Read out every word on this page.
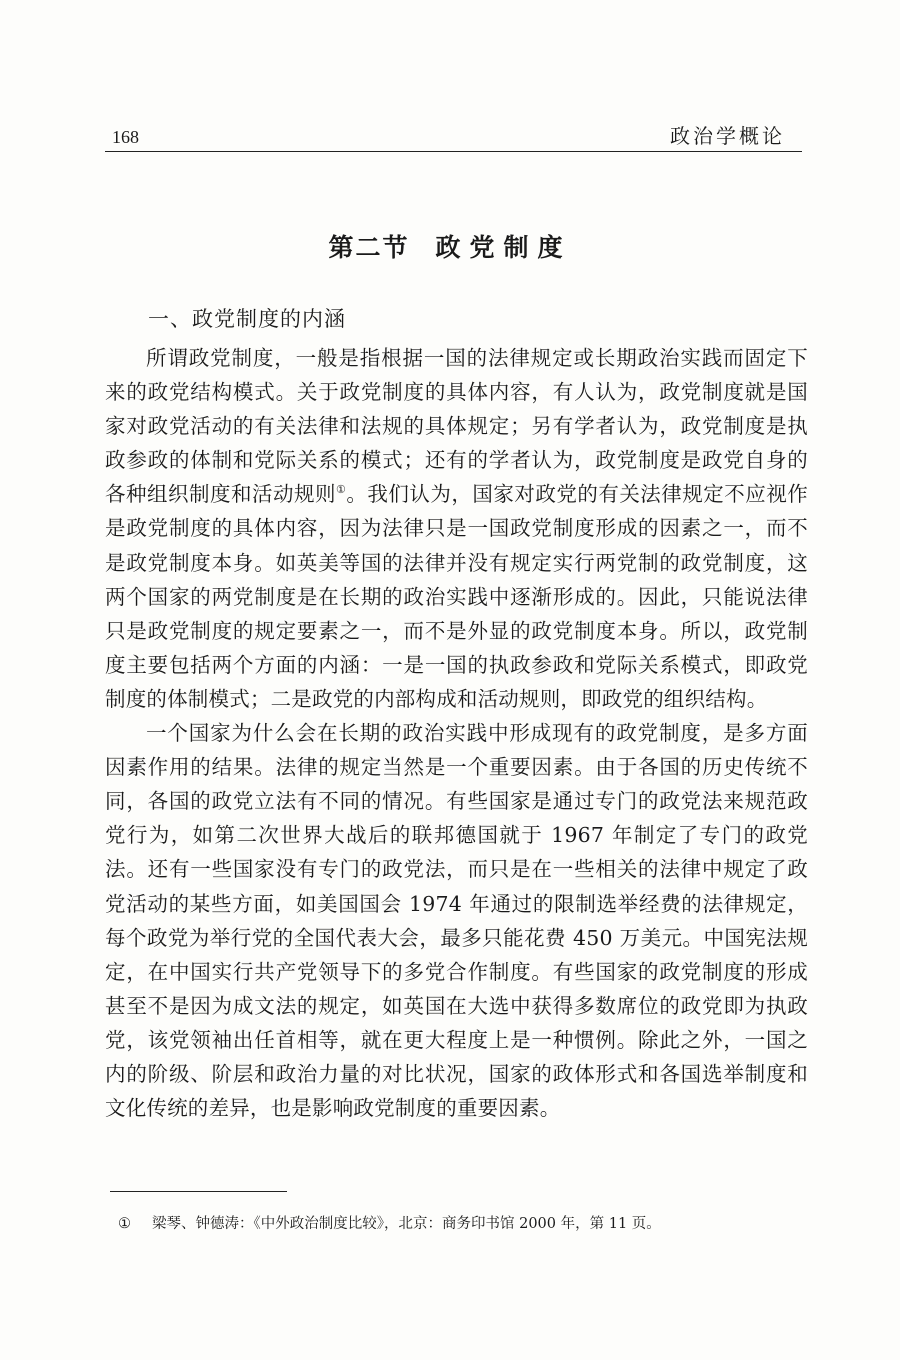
168	政治学概论
第二节 政党制度
一、政党制度的内涵

所谓政党制度，一般是指根据一国的法律规定或长期政治实践而固定下来的政党结构模式。关于政党制度的具体内容，有人认为，政党制度就是国家对政党活动的有关法律和法规的具体规定；另有学者认为，政党制度是执政参政的体制和党际关系的模式；还有的学者认为，政党制度是政党自身的各种组织制度和活动规则①。我们认为，国家对政党的有关法律规定不应视作是政党制度的具体内容，因为法律只是一国政党制度形成的因素之一，而不是政党制度本身。如英美等国的法律并没有规定实行两党制的政党制度，这两个国家的两党制度是在长期的政治实践中逐渐形成的。因此，只能说法律只是政党制度的规定要素之一，而不是外显的政党制度本身。所以，政党制度主要包括两个方面的内涵：一是一国的执政参政和党际关系模式，即政党制度的体制模式；二是政党的内部构成和活动规则，即政党的组织结构。

一个国家为什么会在长期的政治实践中形成现有的政党制度，是多方面因素作用的结果。法律的规定当然是一个重要因素。由于各国的历史传统不同，各国的政党立法有不同的情况。有些国家是通过专门的政党法来规范政党行为，如第二次世界大战后的联邦德国就于 1967 年制定了专门的政党法。还有一些国家没有专门的政党法，而只是在一些相关的法律中规定了政党活动的某些方面，如美国国会 1974 年通过的限制选举经费的法律规定，每个政党为举行党的全国代表大会，最多只能花费 450 万美元。中国宪法规定，在中国实行共产党领导下的多党合作制度。有些国家的政党制度的形成甚至不是因为成文法的规定，如英国在大选中获得多数席位的政党即为执政党，该党领袖出任首相等，就在更大程度上是一种惯例。除此之外，一国之内的阶级、阶层和政治力量的对比状况，国家的政体形式和各国选举制度和文化传统的差异，也是影响政党制度的重要因素。

① 梁琴、钟德涛：《中外政治制度比较》，北京：商务印书馆 2000 年，第 11 页。
